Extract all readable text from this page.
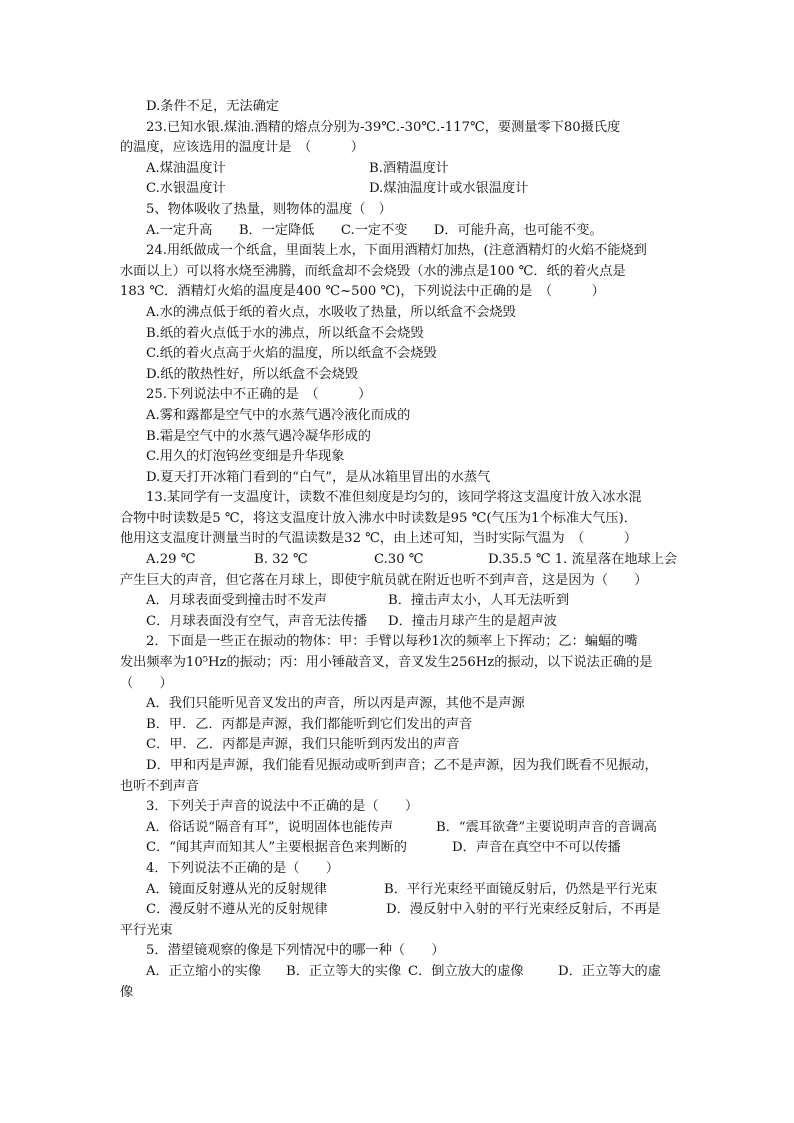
D.条件不足，无法确定
23.已知水银.煤油.酒精的熔点分别为-39℃.-30℃.-117℃，要测量零下80摄氏度
的温度，应该选用的温度计是　（　　　）
A.煤油温度计	B.酒精温度计
C.水银温度计	D.煤油温度计或水银温度计
5、物体吸收了热量，则物体的温度（　）
A.一定升高　　B．一定降低　　C.一定不变　　D．可能升高，也可能不变。
24.用纸做成一个纸盒，里面装上水，下面用酒精灯加热，(注意酒精灯的火焰不能烧到
水面以上）可以将水烧至沸腾，而纸盒却不会烧毁（水的沸点是100 ℃．纸的着火点是
183 ℃．酒精灯火焰的温度是400 ℃~500 ℃)，下列说法中正确的是　（　　　）
A.水的沸点低于纸的着火点，水吸收了热量，所以纸盒不会烧毁
B.纸的着火点低于水的沸点，所以纸盒不会烧毁
C.纸的着火点高于火焰的温度，所以纸盒不会烧毁
D.纸的散热性好，所以纸盒不会烧毁
25.下列说法中不正确的是　（　　　）
A.雾和露都是空气中的水蒸气遇冷液化而成的
B.霜是空气中的水蒸气遇冷凝华形成的
C.用久的灯泡钨丝变细是升华现象
D.夏天打开冰箱门看到的“白气”，是从冰箱里冒出的水蒸气
13.某同学有一支温度计，读数不准但刻度是均匀的，该同学将这支温度计放入冰水混
合物中时读数是5 ℃，将这支温度计放入沸水中时读数是95 ℃(气压为1个标准大气压)．
他用这支温度计测量当时的气温读数是32 ℃，由上述可知，当时实际气温为　（　　　）
A.29 ℃	B. 32 ℃	C.30 ℃	D.35.5 ℃ 1. 流星落在地球上会
产生巨大的声音，但它落在月球上，即使宇航员就在附近也听不到声音，这是因为（　　）
A．月球表面受到撞击时不发声	B．撞击声太小，人耳无法听到
C．月球表面没有空气，声音无法传播	D．撞击月球产生的是超声波
2．下面是一些正在振动的物体：甲：手臂以每秒1次的频率上下挥动；乙：蝙蝠的嘴
发出频率为10⁵Hz的振动；丙：用小锤敲音叉，音叉发生256Hz的振动，以下说法正确的是
（　　）
A．我们只能听见音叉发出的声音，所以丙是声源，其他不是声源
B．甲．乙．丙都是声源，我们都能听到它们发出的声音
C．甲．乙．丙都是声源，我们只能听到丙发出的声音
D．甲和丙是声源，我们能看见振动或听到声音；乙不是声源，因为我们既看不见振动，
也听不到声音
3．下列关于声音的说法中不正确的是（　　）
A．俗话说“隔音有耳”，说明固体也能传声	B．“震耳欲聋”主要说明声音的音调高
C．“闻其声而知其人”主要根据音色来判断的	D．声音在真空中不可以传播
4．下列说法不正确的是（　　）
A．镜面反射遵从光的反射规律	B．平行光束经平面镜反射后，仍然是平行光束
C．漫反射不遵从光的反射规律	D．漫反射中入射的平行光束经反射后，不再是
平行光束
5．潜望镜观察的像是下列情况中的哪一种（　　）
A．正立缩小的实像	B．正立等大的实像 C．倒立放大的虚像	D．正立等大的虚
像
